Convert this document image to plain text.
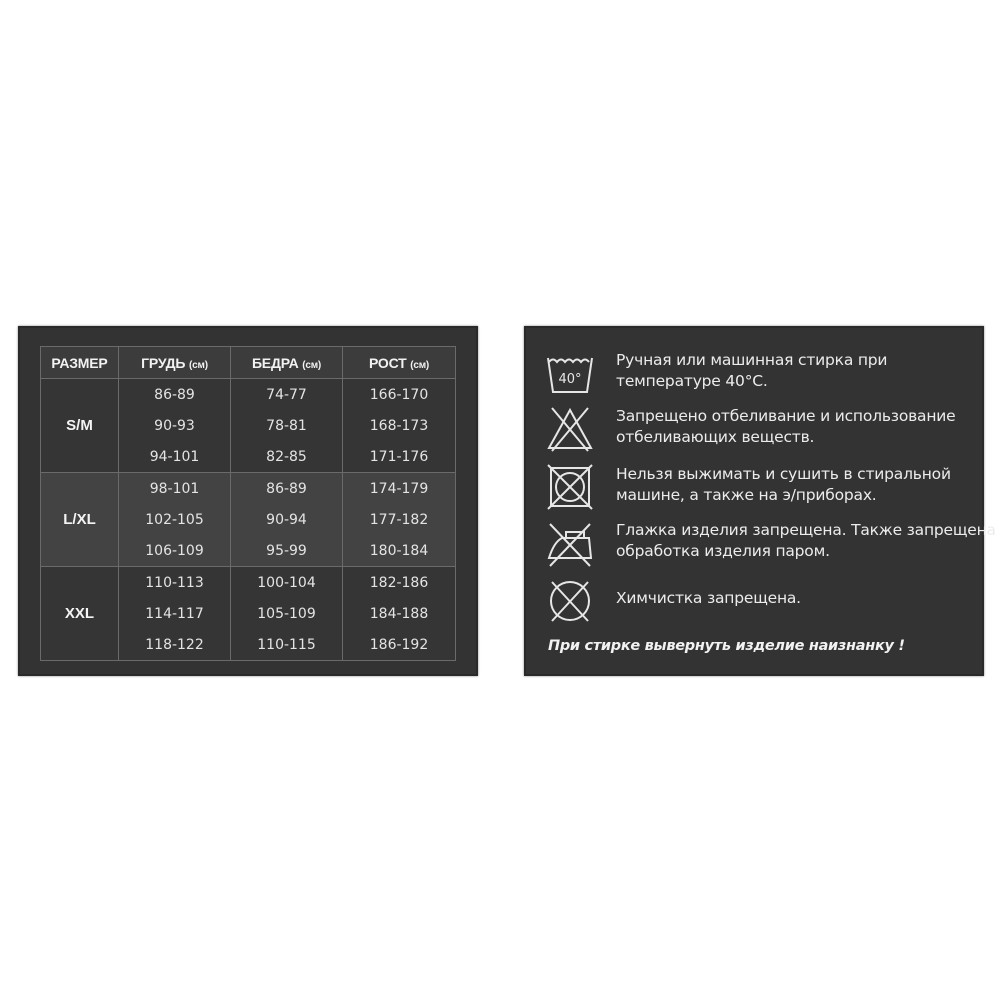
РАЗМЕР	ГРУДЬ (см)	БЕДРА (см)	РОСТ (см)
S/M	86-89	74-77	166-170
	90-93	78-81	168-173
	94-101	82-85	171-176
L/XL	98-101	86-89	174-179
	102-105	90-94	177-182
	106-109	95-99	180-184
XXL	110-113	100-104	182-186
	114-117	105-109	184-188
	118-122	110-115	186-192
40°
Ручная или машинная стирка при
температуре 40°С.
Запрещено отбеливание и использование
отбеливающих веществ.
Нельзя выжимать и сушить в стиральной
машине, а также на э/приборах.
Глажка изделия запрещена. Также запрещена
обработка изделия паром.
Химчистка запрещена.
При стирке вывернуть изделие наизнанку !
